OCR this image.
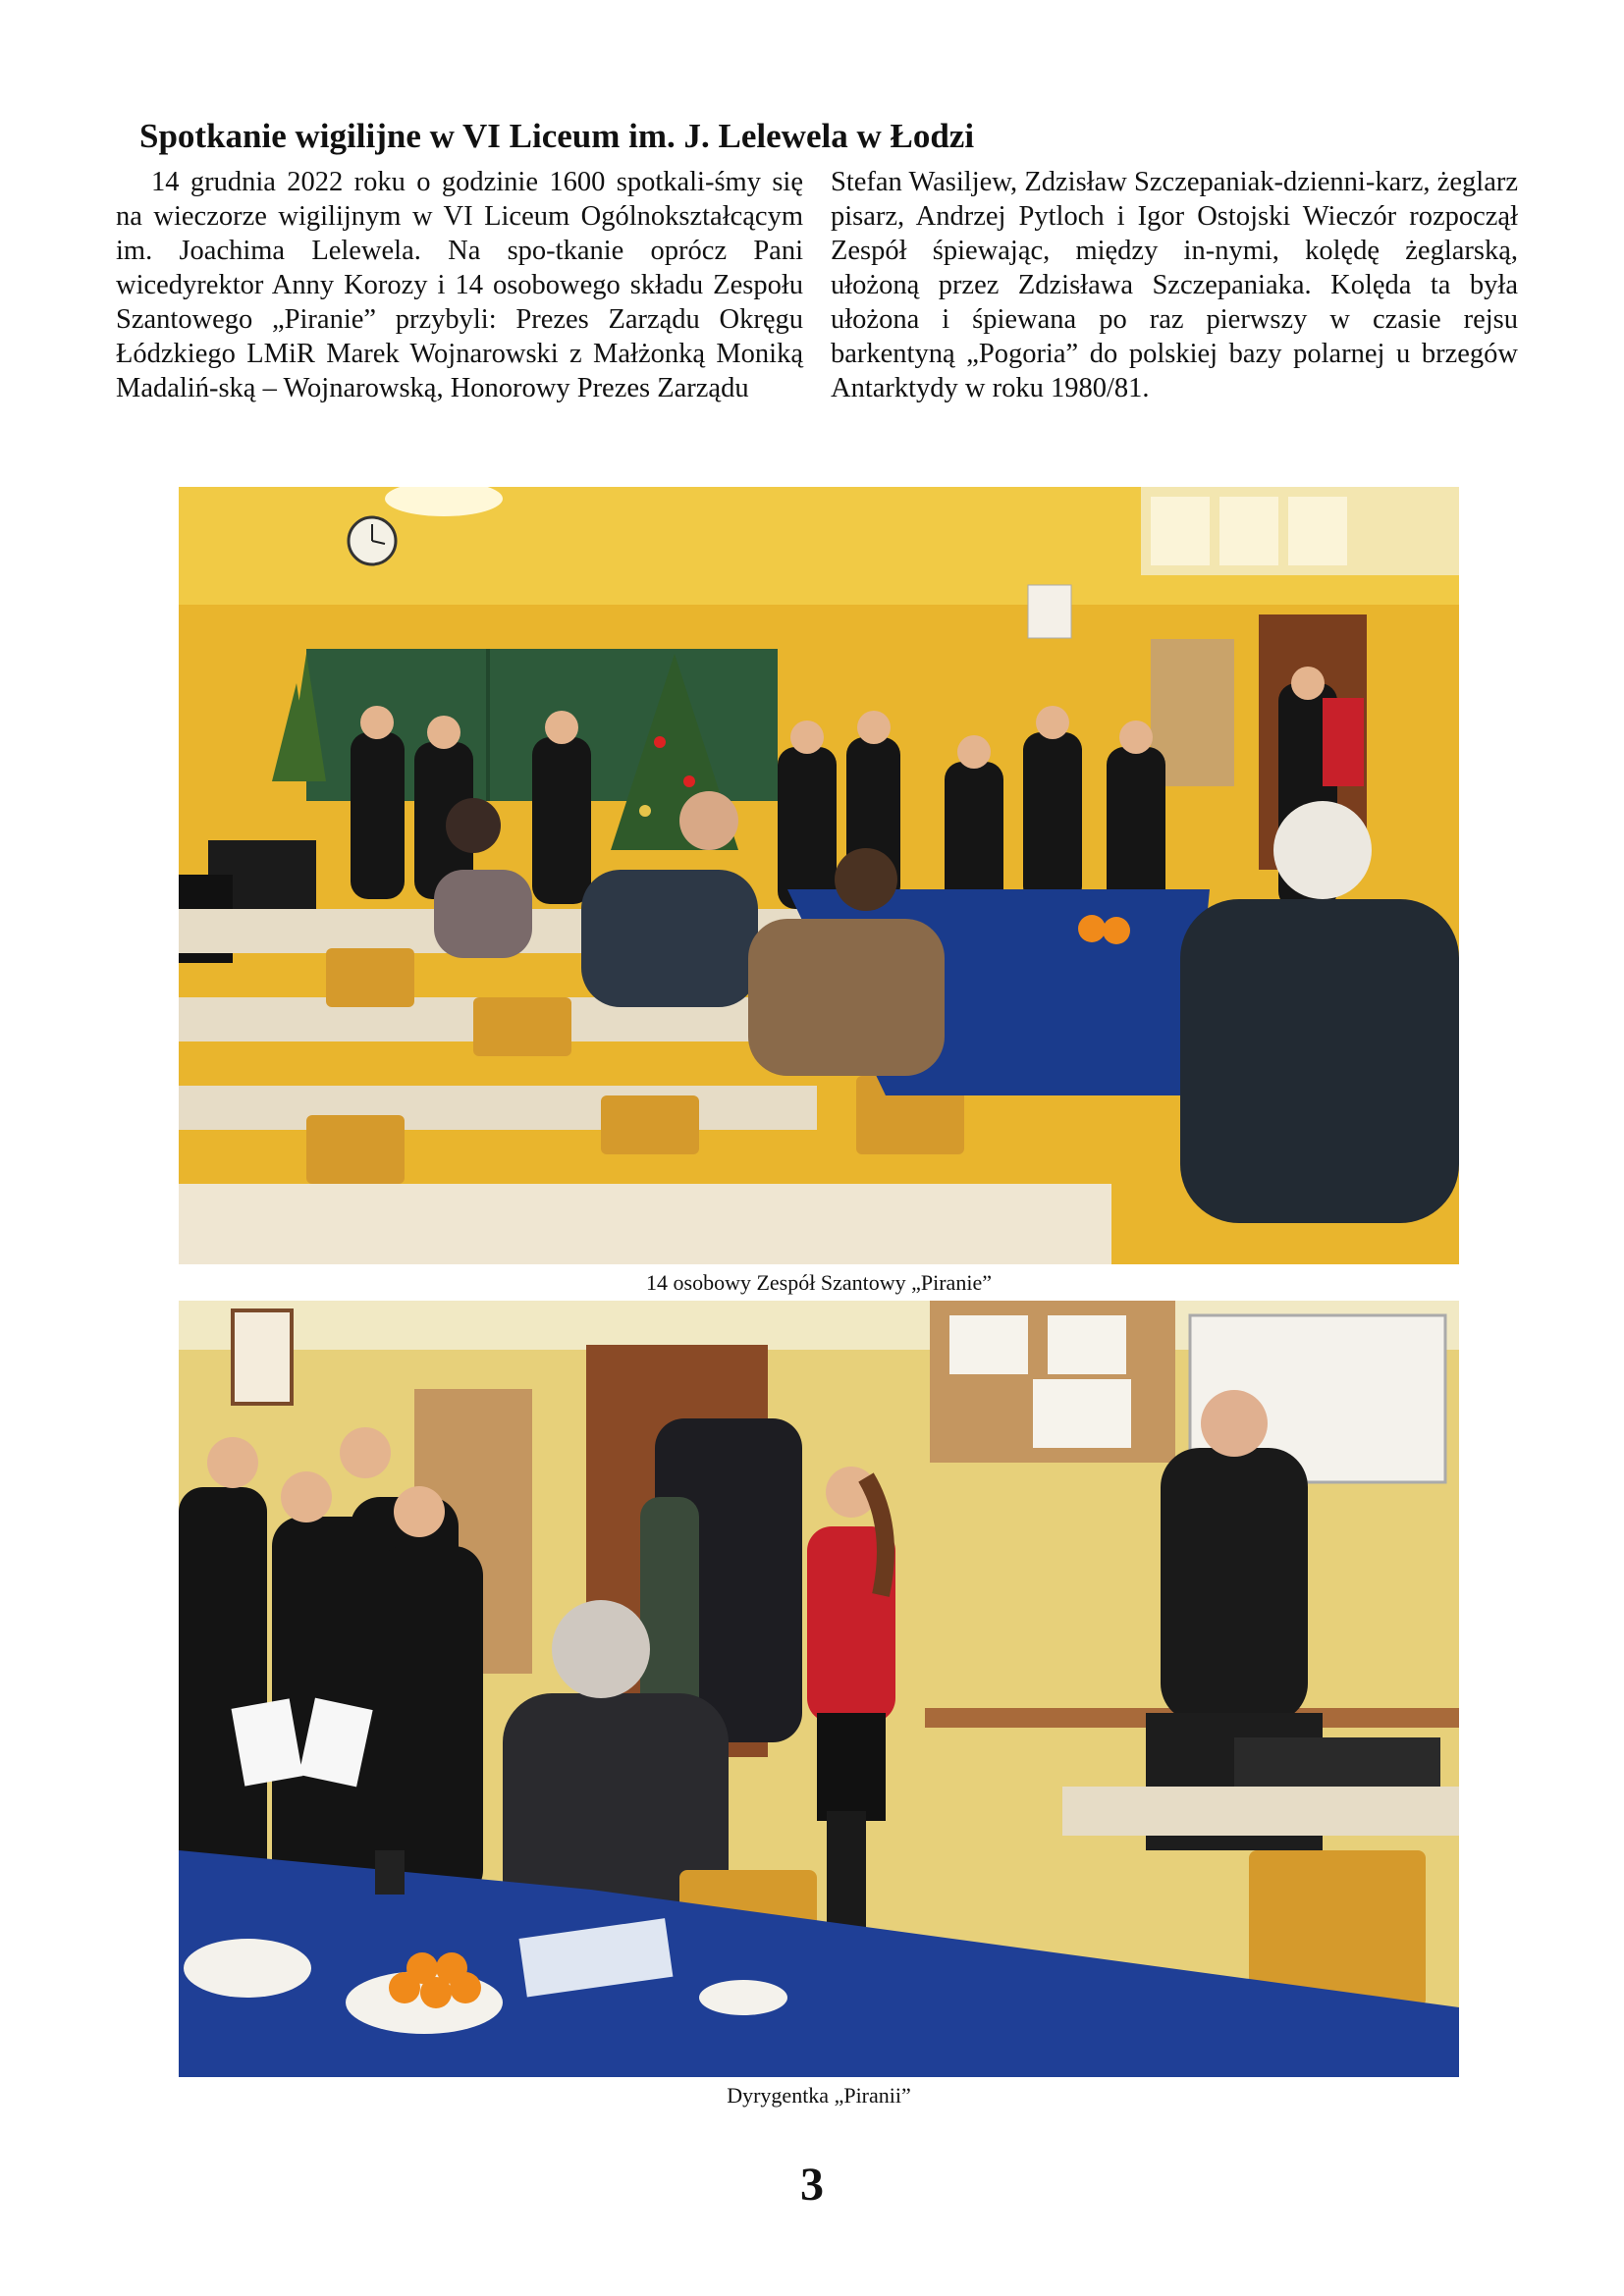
Spotkanie wigilijne w VI Liceum im. J. Lelewela w Łodzi

14 grudnia 2022 roku o godzinie 1600 spotkali-śmy się na wieczorze wigilijnym w VI Liceum Ogólnokształcącym im. Joachima Lelewela. Na spo-tkanie oprócz Pani wicedyrektor Anny Korozy i 14 osobowego składu Zespołu Szantowego „Piranie” przybyli: Prezes Zarządu Okręgu Łódzkiego LMiR Marek Wojnarowski z Małżonką Moniką Madaliń-ską – Wojnarowską, Honorowy Prezes Zarządu

Stefan Wasiljew, Zdzisław Szczepaniak-dzienni-karz, żeglarz pisarz, Andrzej Pytloch i Igor Ostojski Wieczór rozpoczął Zespół śpiewając, między in-nymi, kolędę żeglarską, ułożoną przez Zdzisława Szczepaniaka. Kolęda ta była ułożona i śpiewana po raz pierwszy w czasie rejsu barkentyną „Pogoria” do polskiej bazy polarnej u brzegów Antarktydy w roku 1980/81.

14 osobowy Zespół Szantowy „Piranie”

Dyrygentka „Piranii”

3
